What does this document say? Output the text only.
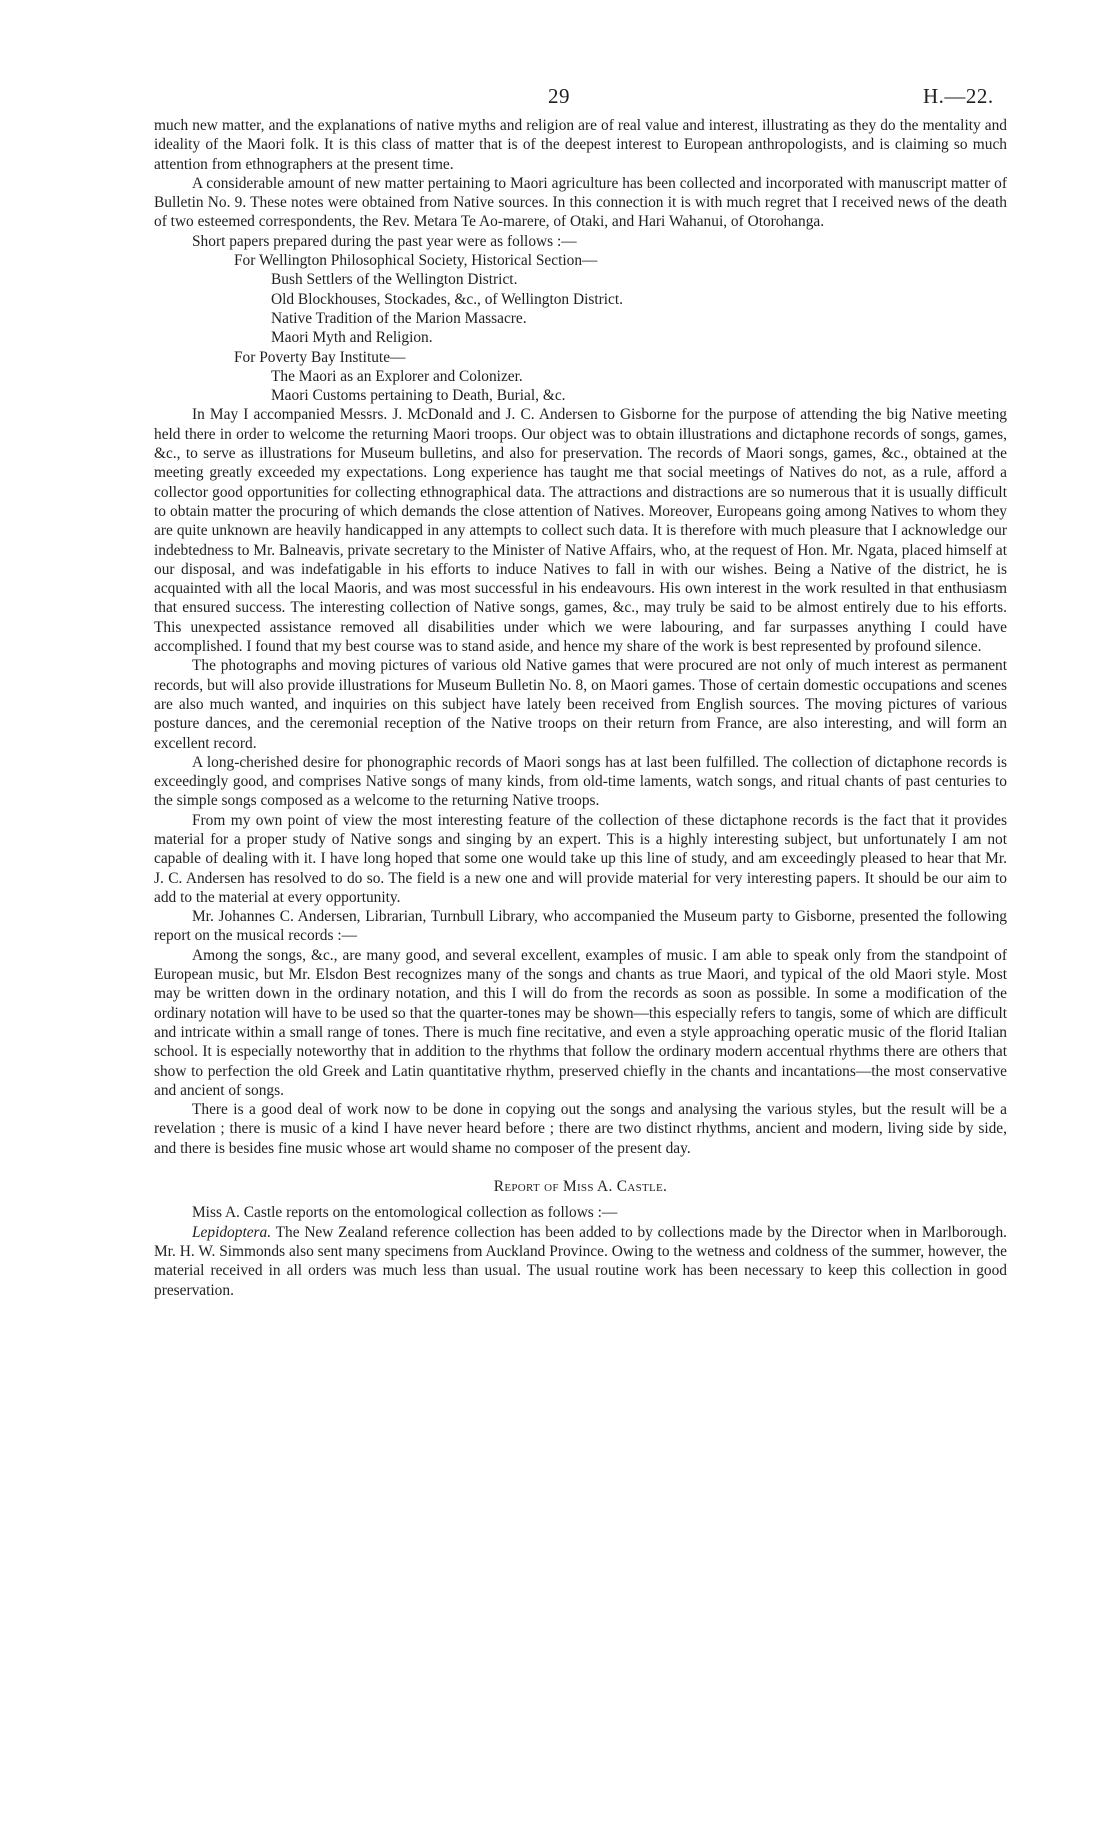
29	H.—22.

much new matter, and the explanations of native myths and religion are of real value and interest, illustrating as they do the mentality and ideality of the Maori folk. It is this class of matter that is of the deepest interest to European anthropologists, and is claiming so much attention from ethnographers at the present time.

A considerable amount of new matter pertaining to Maori agriculture has been collected and incorporated with manuscript matter of Bulletin No. 9. These notes were obtained from Native sources. In this connection it is with much regret that I received news of the death of two esteemed correspondents, the Rev. Metara Te Ao-marere, of Otaki, and Hari Wahanui, of Otorohanga.

Short papers prepared during the past year were as follows :—

For Wellington Philosophical Society, Historical Section—

Bush Settlers of the Wellington District.

Old Blockhouses, Stockades, &c., of Wellington District.

Native Tradition of the Marion Massacre.

Maori Myth and Religion.

For Poverty Bay Institute—

The Maori as an Explorer and Colonizer.

Maori Customs pertaining to Death, Burial, &c.

In May I accompanied Messrs. J. McDonald and J. C. Andersen to Gisborne for the purpose of attending the big Native meeting held there in order to welcome the returning Maori troops. Our object was to obtain illustrations and dictaphone records of songs, games, &c., to serve as illustrations for Museum bulletins, and also for preservation. The records of Maori songs, games, &c., obtained at the meeting greatly exceeded my expectations. Long experience has taught me that social meetings of Natives do not, as a rule, afford a collector good opportunities for collecting ethnographical data. The attractions and distractions are so numerous that it is usually difficult to obtain matter the procuring of which demands the close attention of Natives. Moreover, Europeans going among Natives to whom they are quite unknown are heavily handicapped in any attempts to collect such data. It is therefore with much pleasure that I acknowledge our indebtedness to Mr. Balneavis, private secretary to the Minister of Native Affairs, who, at the request of Hon. Mr. Ngata, placed himself at our disposal, and was indefatigable in his efforts to induce Natives to fall in with our wishes. Being a Native of the district, he is acquainted with all the local Maoris, and was most successful in his endeavours. His own interest in the work resulted in that enthusiasm that ensured success. The interesting collection of Native songs, games, &c., may truly be said to be almost entirely due to his efforts. This unexpected assistance removed all disabilities under which we were labouring, and far surpasses anything I could have accomplished. I found that my best course was to stand aside, and hence my share of the work is best represented by profound silence.

The photographs and moving pictures of various old Native games that were procured are not only of much interest as permanent records, but will also provide illustrations for Museum Bulletin No. 8, on Maori games. Those of certain domestic occupations and scenes are also much wanted, and inquiries on this subject have lately been received from English sources. The moving pictures of various posture dances, and the ceremonial reception of the Native troops on their return from France, are also interesting, and will form an excellent record.

A long-cherished desire for phonographic records of Maori songs has at last been fulfilled. The collection of dictaphone records is exceedingly good, and comprises Native songs of many kinds, from old-time laments, watch songs, and ritual chants of past centuries to the simple songs composed as a welcome to the returning Native troops.

From my own point of view the most interesting feature of the collection of these dictaphone records is the fact that it provides material for a proper study of Native songs and singing by an expert. This is a highly interesting subject, but unfortunately I am not capable of dealing with it. I have long hoped that some one would take up this line of study, and am exceedingly pleased to hear that Mr. J. C. Andersen has resolved to do so. The field is a new one and will provide material for very interesting papers. It should be our aim to add to the material at every opportunity.

Mr. Johannes C. Andersen, Librarian, Turnbull Library, who accompanied the Museum party to Gisborne, presented the following report on the musical records :—

Among the songs, &c., are many good, and several excellent, examples of music. I am able to speak only from the standpoint of European music, but Mr. Elsdon Best recognizes many of the songs and chants as true Maori, and typical of the old Maori style. Most may be written down in the ordinary notation, and this I will do from the records as soon as possible. In some a modification of the ordinary notation will have to be used so that the quarter-tones may be shown—this especially refers to tangis, some of which are difficult and intricate within a small range of tones. There is much fine recitative, and even a style approaching operatic music of the florid Italian school. It is especially noteworthy that in addition to the rhythms that follow the ordinary modern accentual rhythms there are others that show to perfection the old Greek and Latin quantitative rhythm, preserved chiefly in the chants and incantations—the most conservative and ancient of songs.

There is a good deal of work now to be done in copying out the songs and analysing the various styles, but the result will be a revelation ; there is music of a kind I have never heard before ; there are two distinct rhythms, ancient and modern, living side by side, and there is besides fine music whose art would shame no composer of the present day.

Report of Miss A. Castle.

Miss A. Castle reports on the entomological collection as follows :—

Lepidoptera. The New Zealand reference collection has been added to by collections made by the Director when in Marlborough. Mr. H. W. Simmonds also sent many specimens from Auckland Province. Owing to the wetness and coldness of the summer, however, the material received in all orders was much less than usual. The usual routine work has been necessary to keep this collection in good preservation.
